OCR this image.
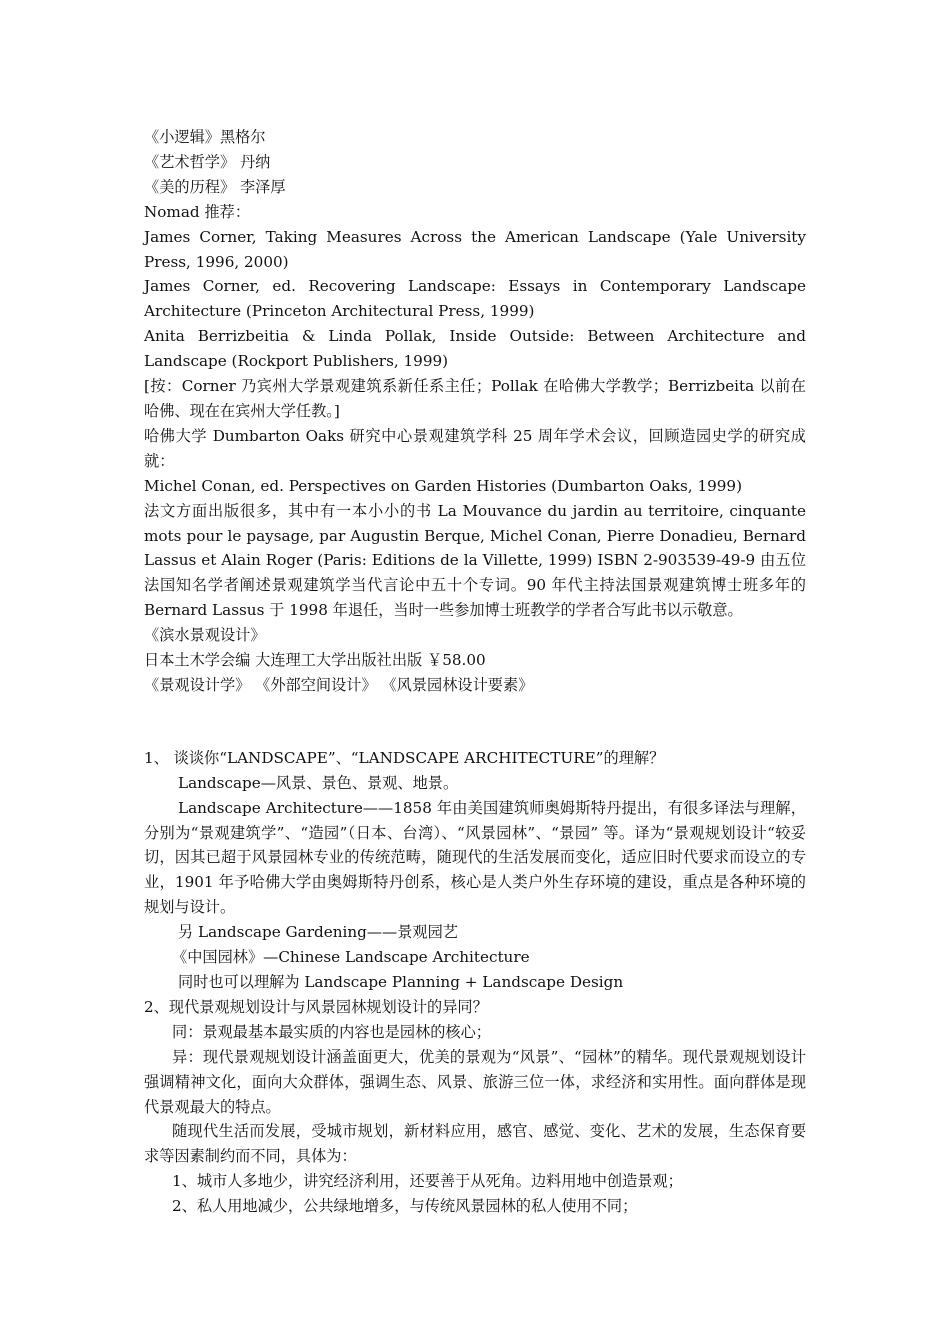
《小逻辑》黑格尔

《艺术哲学》 丹纳

《美的历程》 李泽厚

Nomad 推荐：

James Corner, Taking Measures Across the American Landscape (Yale University Press, 1996, 2000)

James Corner, ed. Recovering Landscape: Essays in Contemporary Landscape Architecture (Princeton Architectural Press, 1999)

Anita Berrizbeitia & Linda Pollak, Inside Outside: Between Architecture and Landscape (Rockport Publishers, 1999)

[按：Corner 乃宾州大学景观建筑系新任系主任；Pollak 在哈佛大学教学；Berrizbeita 以前在哈佛、现在在宾州大学任教。]

哈佛大学 Dumbarton Oaks 研究中心景观建筑学科 25 周年学术会议，回顾造园史学的研究成就：

Michel Conan, ed. Perspectives on Garden Histories (Dumbarton Oaks, 1999)

法文方面出版很多，其中有一本小小的书 La Mouvance du jardin au territoire, cinquante mots pour le paysage, par Augustin Berque, Michel Conan, Pierre Donadieu, Bernard Lassus et Alain Roger (Paris: Editions de la Villette, 1999) ISBN 2-903539-49-9 由五位法国知名学者阐述景观建筑学当代言论中五十个专词。90 年代主持法国景观建筑博士班多年的 Bernard Lassus 于 1998 年退任，当时一些参加博士班教学的学者合写此书以示敬意。

《滨水景观设计》

日本土木学会编 大连理工大学出版社出版 ￥58.00

《景观设计学》 《外部空间设计》 《风景园林设计要素》

1、 谈谈你“LANDSCAPE”、“LANDSCAPE ARCHITECTURE”的理解？

Landscape—风景、景色、景观、地景。

Landscape Architecture——1858 年由美国建筑师奥姆斯特丹提出，有很多译法与理解，分别为“景观建筑学”、“造园”（日本、台湾）、“风景园林”、“景园” 等。译为“景观规划设计“较妥切，因其已超于风景园林专业的传统范畴，随现代的生活发展而变化，适应旧时代要求而设立的专业，1901 年予哈佛大学由奥姆斯特丹创系，核心是人类户外生存环境的建设，重点是各种环境的规划与设计。

另 Landscape Gardening——景观园艺

《中国园林》—Chinese Landscape Architecture

同时也可以理解为 Landscape Planning + Landscape Design

2、现代景观规划设计与风景园林规划设计的异同？

同：景观最基本最实质的内容也是园林的核心；

异：现代景观规划设计涵盖面更大，优美的景观为“风景”、“园林”的精华。现代景观规划设计强调精神文化，面向大众群体，强调生态、风景、旅游三位一体，求经济和实用性。面向群体是现代景观最大的特点。

随现代生活而发展，受城市规划，新材料应用，感官、感觉、变化、艺术的发展，生态保育要求等因素制约而不同，具体为：

1、城市人多地少，讲究经济利用，还要善于从死角。边料用地中创造景观；

2、私人用地减少，公共绿地增多，与传统风景园林的私人使用不同；
